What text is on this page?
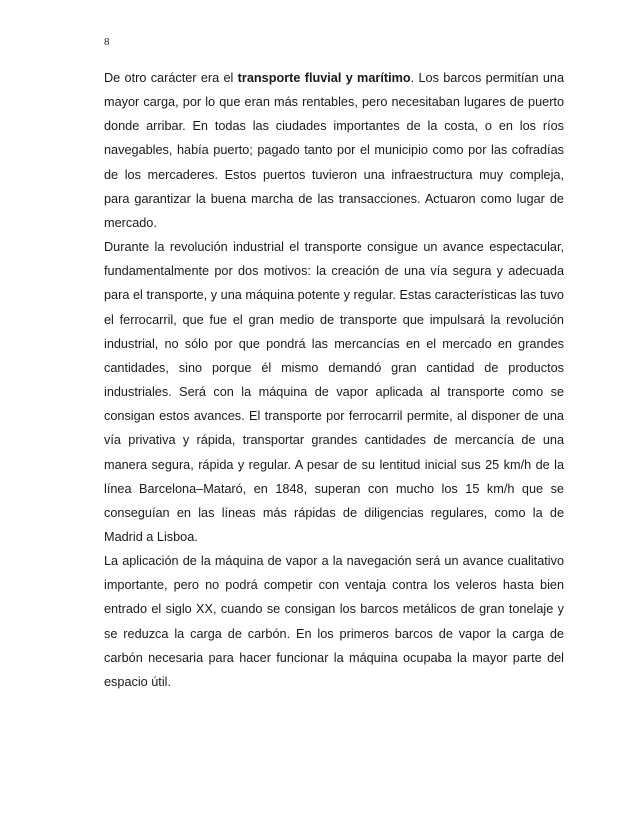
8

De otro carácter era el transporte fluvial y marítimo. Los barcos permitían una mayor carga, por lo que eran más rentables, pero necesitaban lugares de puerto donde arribar. En todas las ciudades importantes de la costa, o en los ríos navegables, había puerto; pagado tanto por el municipio como por las cofradías de los mercaderes. Estos puertos tuvieron una infraestructura muy compleja, para garantizar la buena marcha de las transacciones. Actuaron como lugar de mercado.

Durante la revolución industrial el transporte consigue un avance espectacular, fundamentalmente por dos motivos: la creación de una vía segura y adecuada para el transporte, y una máquina potente y regular. Estas características las tuvo el ferrocarril, que fue el gran medio de transporte que impulsará la revolución industrial, no sólo por que pondrá las mercancías en el mercado en grandes cantidades, sino porque él mismo demandó gran cantidad de productos industriales. Será con la máquina de vapor aplicada al transporte como se consigan estos avances. El transporte por ferrocarril permite, al disponer de una vía privativa y rápida, transportar grandes cantidades de mercancía de una manera segura, rápida y regular. A pesar de su lentitud inicial sus 25 km/h de la línea Barcelona–Mataró, en 1848, superan con mucho los 15 km/h que se conseguían en las líneas más rápidas de diligencias regulares, como la de Madrid a Lisboa.

La aplicación de la máquina de vapor a la navegación será un avance cualitativo importante, pero no podrá competir con ventaja contra los veleros hasta bien entrado el siglo XX, cuando se consigan los barcos metálicos de gran tonelaje y se reduzca la carga de carbón. En los primeros barcos de vapor la carga de carbón necesaria para hacer funcionar la máquina ocupaba la mayor parte del espacio útil.
